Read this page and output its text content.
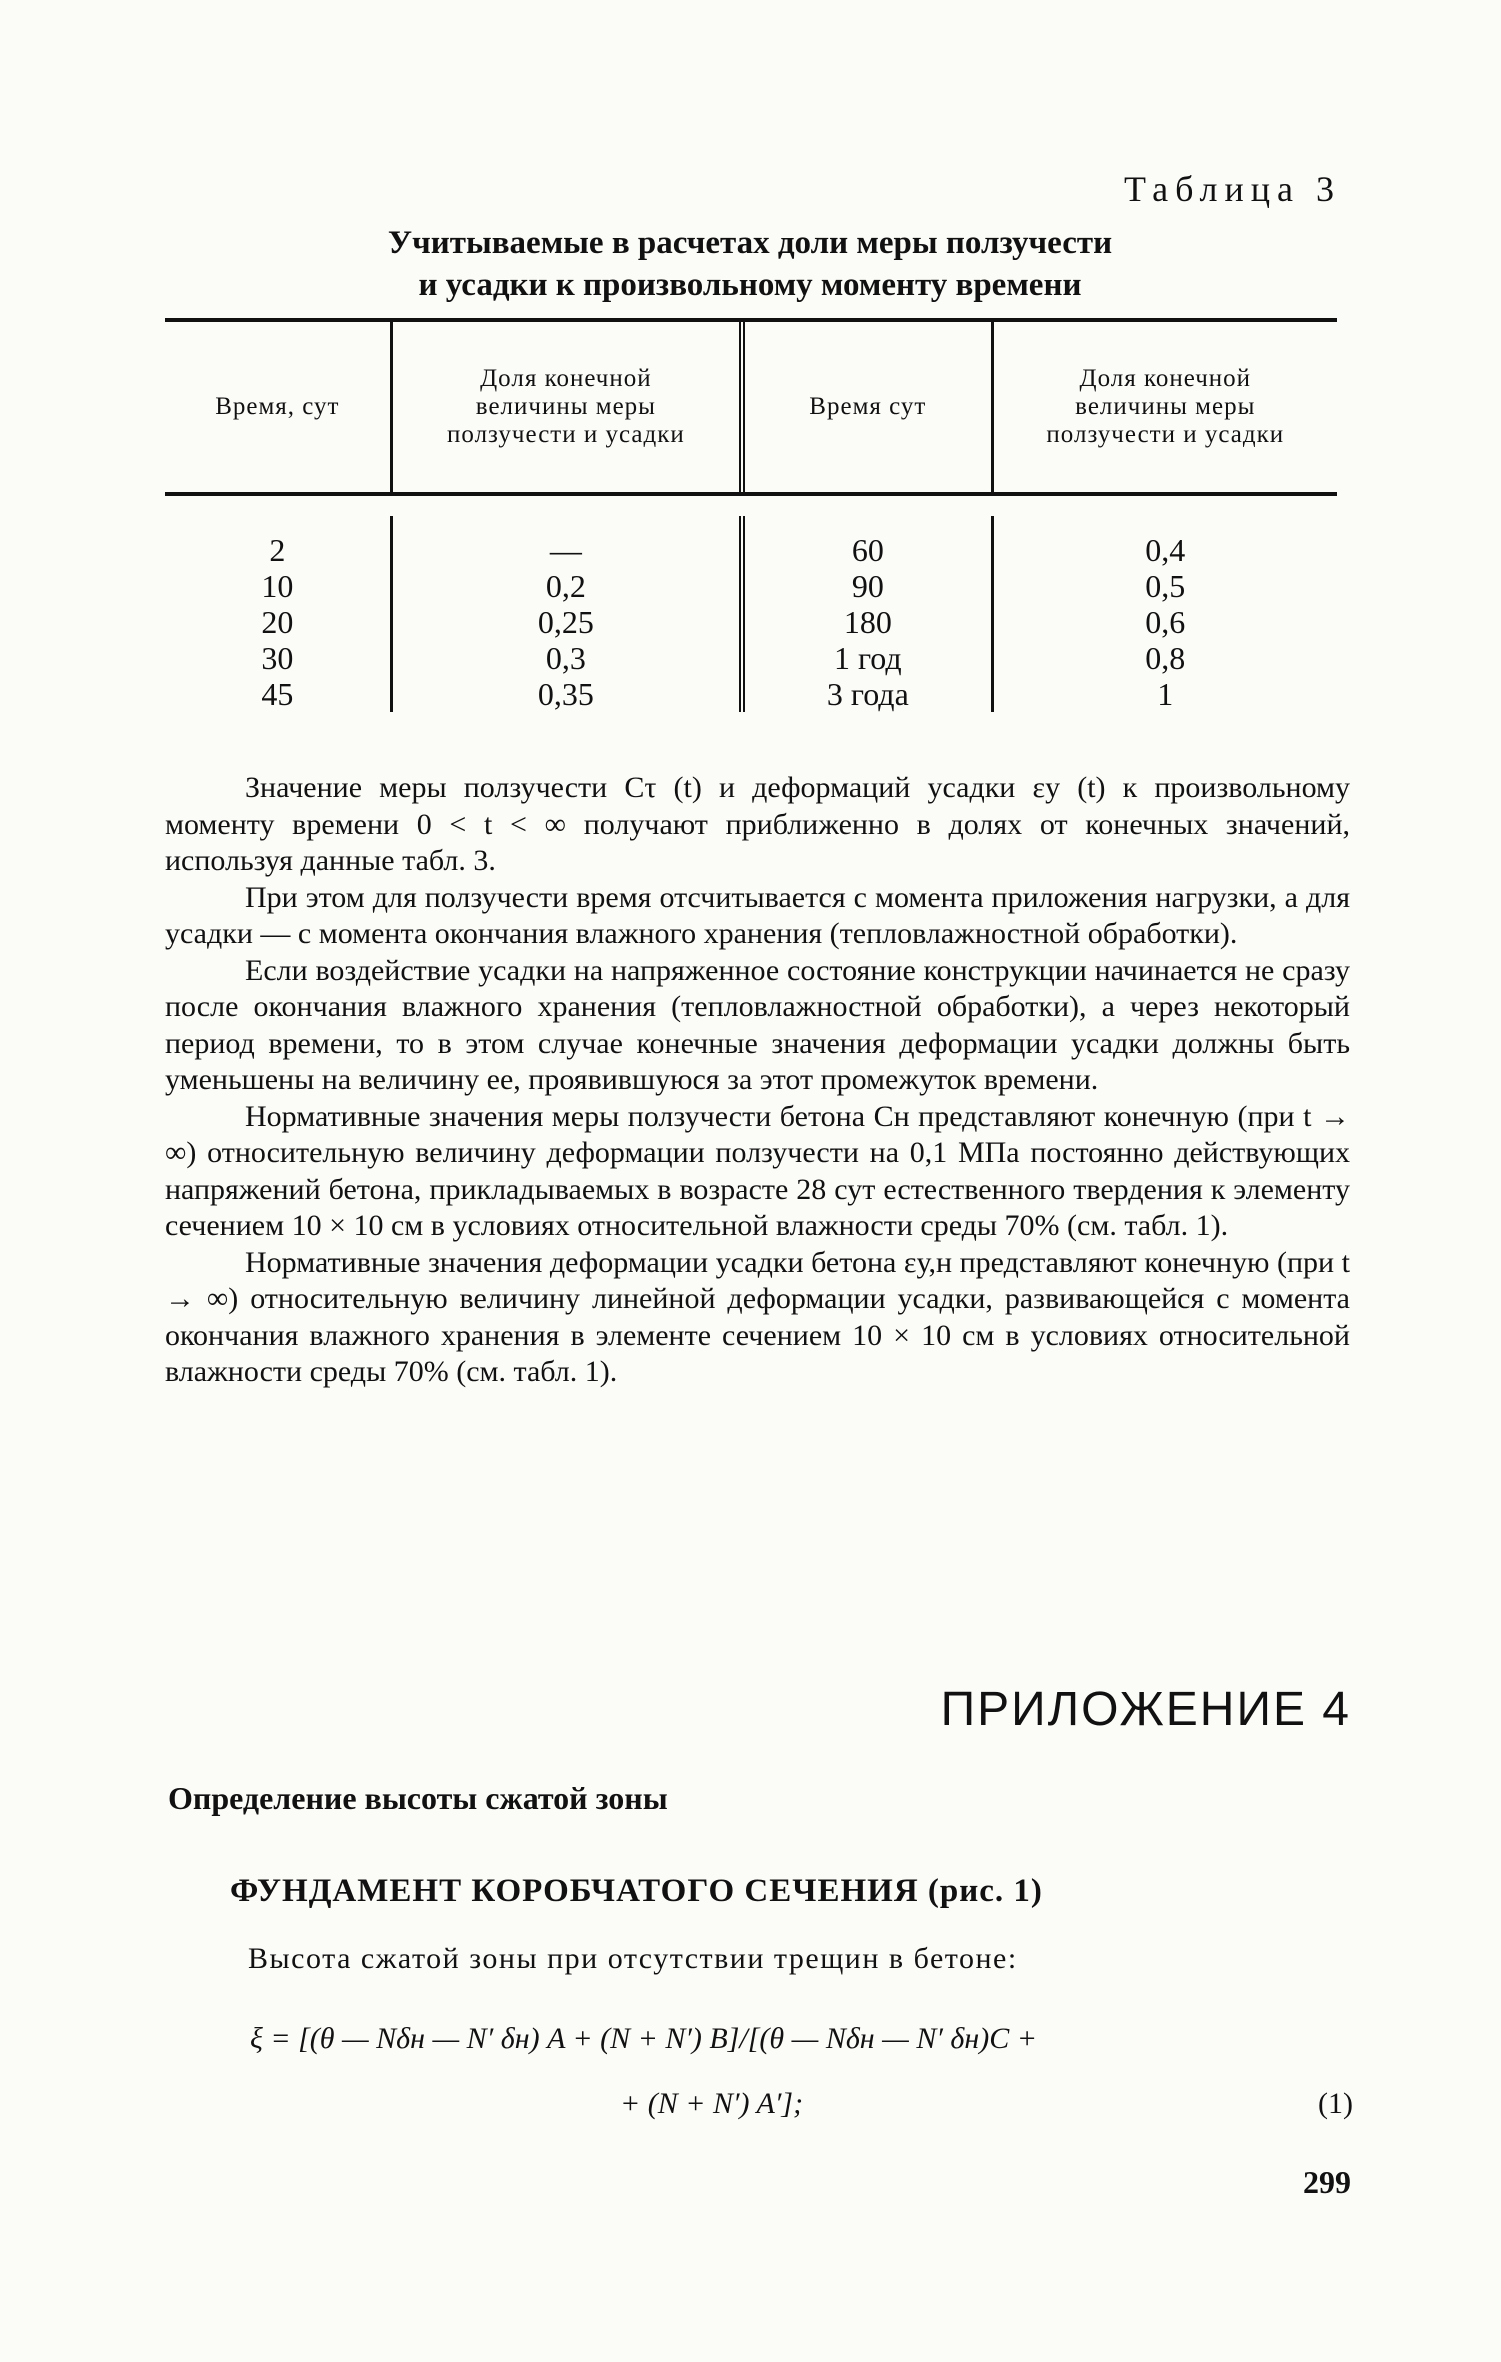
Таблица 3
Учитываемые в расчетах доли меры ползучести
и усадки к произвольному моменту времени
Время, сут
Доля конечной величины меры ползучести и усадки
Время сут
Доля конечной величины меры ползучести и усадки
2
10
20
30
45
—
0,2
0,25
0,3
0,35
60
90
180
1 год
3 года
0,4
0,5
0,6
0,8
1
Значение меры ползучести Cτ (t) и деформаций усадки εу (t) к произвольному моменту времени 0 < t < ∞ получают приближенно в долях от конечных значений, используя данные табл. 3.
При этом для ползучести время отсчитывается с момента приложения нагрузки, а для усадки — с момента окончания влажного хранения (тепловлажностной обработки).
Если воздействие усадки на напряженное состояние конструкции начинается не сразу после окончания влажного хранения (тепловлажностной обработки), а через некоторый период времени, то в этом случае конечные значения деформации усадки должны быть уменьшены на величину ее, проявившуюся за этот промежуток времени.
Нормативные значения меры ползучести бетона Сн представляют конечную (при t → ∞) относительную величину деформации ползучести на 0,1 МПа постоянно действующих напряжений бетона, прикладываемых в возрасте 28 сут естественного твердения к элементу сечением 10 × 10 см в условиях относительной влажности среды 70% (см. табл. 1).
Нормативные значения деформации усадки бетона εу,н представляют конечную (при t → ∞) относительную величину линейной деформации усадки, развивающейся с момента окончания влажного хранения в элементе сечением 10 × 10 см в условиях относительной влажности среды 70% (см. табл. 1).
ПРИЛОЖЕНИЕ 4
Определение высоты сжатой зоны
ФУНДАМЕНТ КОРОБЧАТОГО СЕЧЕНИЯ (рис. 1)
Высота сжатой зоны при отсутствии трещин в бетоне:
ξ = [(θ — Nδн — N′ δн) A + (N + N′) B]/[(θ — Nδн — N′ δн)C +
+ (N + N′) A′];	(1)
299
